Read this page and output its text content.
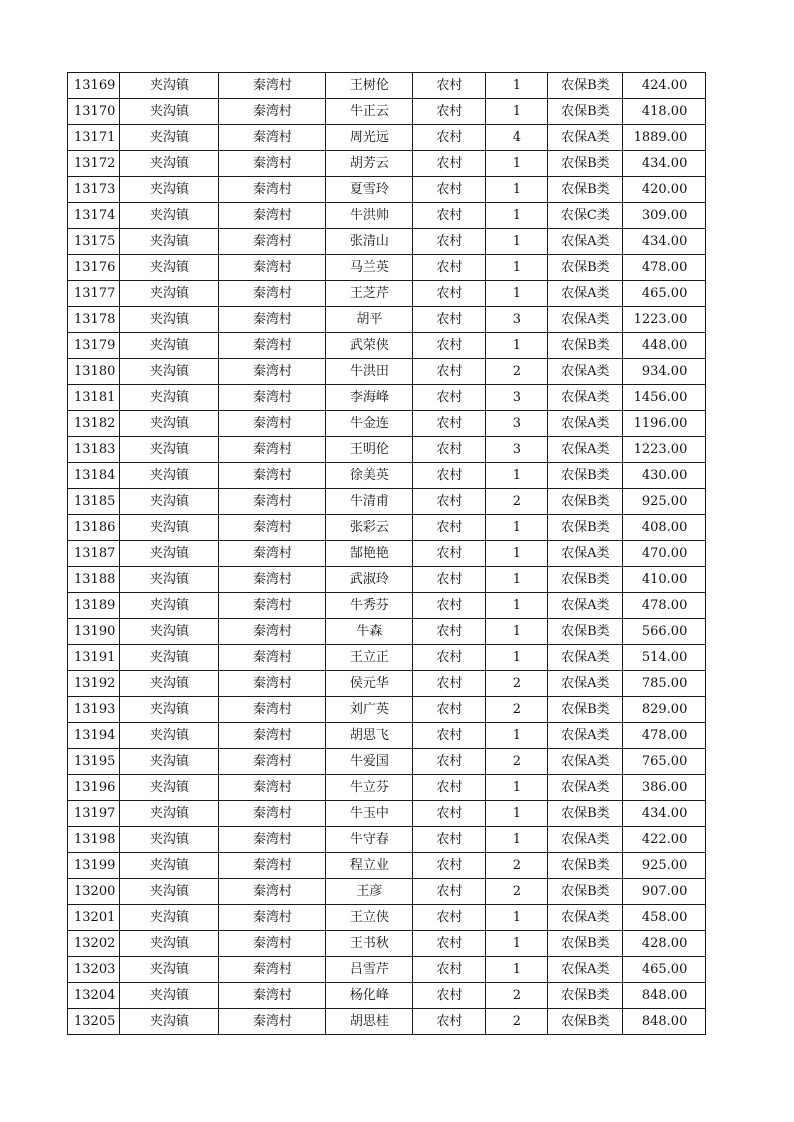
13169	夹沟镇	秦湾村	王树伦	农村	1	农保B类	424.00
13170	夹沟镇	秦湾村	牛正云	农村	1	农保B类	418.00
13171	夹沟镇	秦湾村	周光远	农村	4	农保A类	1889.00
13172	夹沟镇	秦湾村	胡芳云	农村	1	农保B类	434.00
13173	夹沟镇	秦湾村	夏雪玲	农村	1	农保B类	420.00
13174	夹沟镇	秦湾村	牛洪帅	农村	1	农保C类	309.00
13175	夹沟镇	秦湾村	张清山	农村	1	农保A类	434.00
13176	夹沟镇	秦湾村	马兰英	农村	1	农保B类	478.00
13177	夹沟镇	秦湾村	王芝芹	农村	1	农保A类	465.00
13178	夹沟镇	秦湾村	胡平	农村	3	农保A类	1223.00
13179	夹沟镇	秦湾村	武荣侠	农村	1	农保B类	448.00
13180	夹沟镇	秦湾村	牛洪田	农村	2	农保A类	934.00
13181	夹沟镇	秦湾村	李海峰	农村	3	农保A类	1456.00
13182	夹沟镇	秦湾村	牛金连	农村	3	农保A类	1196.00
13183	夹沟镇	秦湾村	王明伦	农村	3	农保A类	1223.00
13184	夹沟镇	秦湾村	徐美英	农村	1	农保B类	430.00
13185	夹沟镇	秦湾村	牛清甫	农村	2	农保B类	925.00
13186	夹沟镇	秦湾村	张彩云	农村	1	农保B类	408.00
13187	夹沟镇	秦湾村	郜艳艳	农村	1	农保A类	470.00
13188	夹沟镇	秦湾村	武淑玲	农村	1	农保B类	410.00
13189	夹沟镇	秦湾村	牛秀芬	农村	1	农保A类	478.00
13190	夹沟镇	秦湾村	牛森	农村	1	农保B类	566.00
13191	夹沟镇	秦湾村	王立正	农村	1	农保A类	514.00
13192	夹沟镇	秦湾村	侯元华	农村	2	农保A类	785.00
13193	夹沟镇	秦湾村	刘广英	农村	2	农保B类	829.00
13194	夹沟镇	秦湾村	胡思飞	农村	1	农保A类	478.00
13195	夹沟镇	秦湾村	牛爱国	农村	2	农保A类	765.00
13196	夹沟镇	秦湾村	牛立芬	农村	1	农保A类	386.00
13197	夹沟镇	秦湾村	牛玉中	农村	1	农保B类	434.00
13198	夹沟镇	秦湾村	牛守春	农村	1	农保A类	422.00
13199	夹沟镇	秦湾村	程立业	农村	2	农保B类	925.00
13200	夹沟镇	秦湾村	王彦	农村	2	农保B类	907.00
13201	夹沟镇	秦湾村	王立侠	农村	1	农保A类	458.00
13202	夹沟镇	秦湾村	王书秋	农村	1	农保B类	428.00
13203	夹沟镇	秦湾村	吕雪芹	农村	1	农保A类	465.00
13204	夹沟镇	秦湾村	杨化峰	农村	2	农保B类	848.00
13205	夹沟镇	秦湾村	胡思桂	农村	2	农保B类	848.00
